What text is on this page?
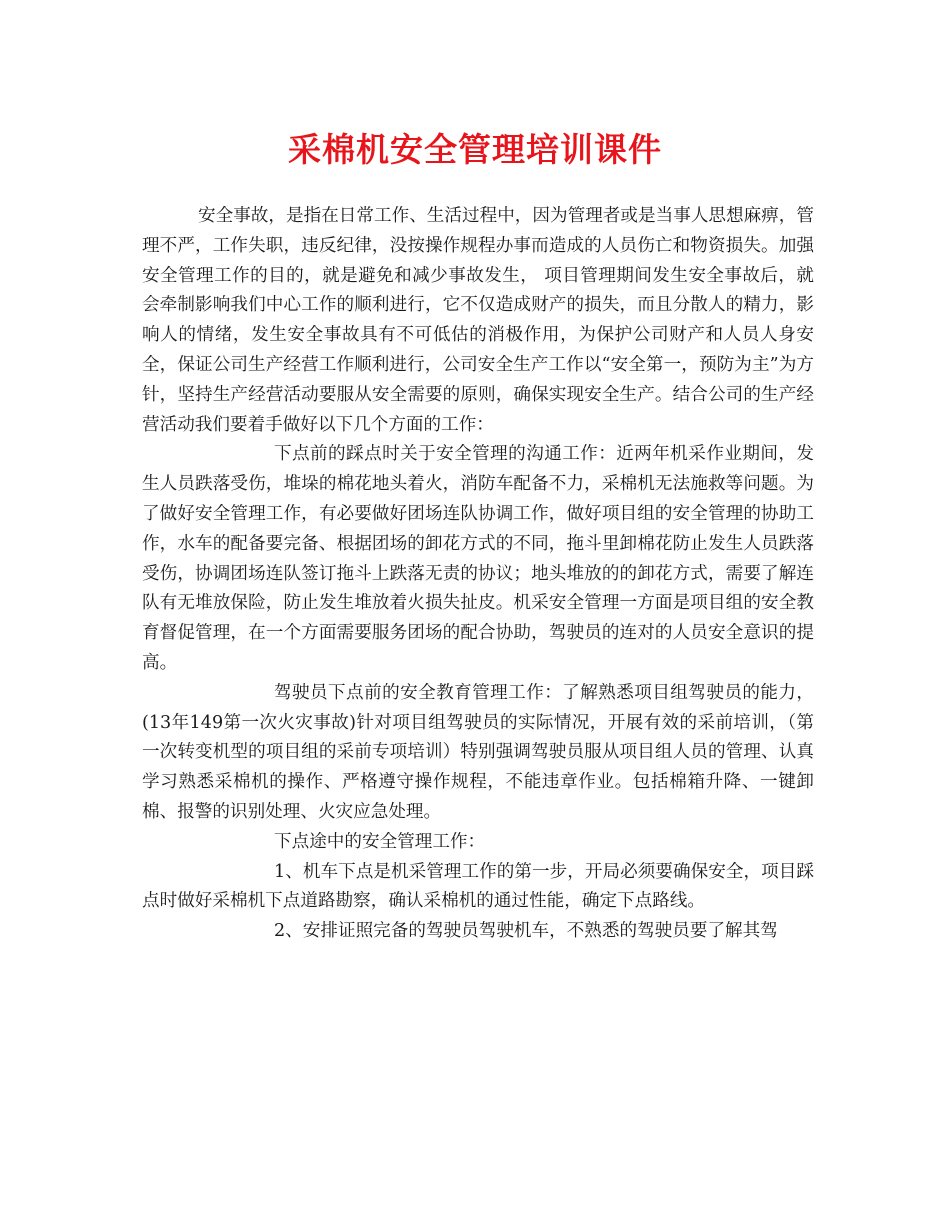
采棉机安全管理培训课件

安全事故，是指在日常工作、生活过程中，因为管理者或是当事人思想麻痹，管理不严，工作失职，违反纪律，没按操作规程办事而造成的人员伤亡和物资损失。加强安全管理工作的目的，就是避免和减少事故发生， 项目管理期间发生安全事故后，就会牵制影响我们中心工作的顺利进行，它不仅造成财产的损失，而且分散人的精力，影响人的情绪，发生安全事故具有不可低估的消极作用，为保护公司财产和人员人身安全，保证公司生产经营工作顺利进行，公司安全生产工作以“安全第一，预防为主”为方针，坚持生产经营活动要服从安全需要的原则，确保实现安全生产。结合公司的生产经营活动我们要着手做好以下几个方面的工作：

下点前的踩点时关于安全管理的沟通工作：近两年机采作业期间，发生人员跌落受伤，堆垛的棉花地头着火，消防车配备不力，采棉机无法施救等问题。为了做好安全管理工作，有必要做好团场连队协调工作，做好项目组的安全管理的协助工作，水车的配备要完备、根据团场的卸花方式的不同，拖斗里卸棉花防止发生人员跌落受伤，协调团场连队签订拖斗上跌落无责的协议；地头堆放的的卸花方式，需要了解连队有无堆放保险，防止发生堆放着火损失扯皮。机采安全管理一方面是项目组的安全教育督促管理，在一个方面需要服务团场的配合协助，驾驶员的连对的人员安全意识的提高。

驾驶员下点前的安全教育管理工作：了解熟悉项目组驾驶员的能力，(13年149第一次火灾事故)针对项目组驾驶员的实际情况，开展有效的采前培训，（第一次转变机型的项目组的采前专项培训）特别强调驾驶员服从项目组人员的管理、认真学习熟悉采棉机的操作、严格遵守操作规程，不能违章作业。包括棉箱升降、一键卸棉、报警的识别处理、火灾应急处理。

下点途中的安全管理工作：

1、机车下点是机采管理工作的第一步，开局必须要确保安全，项目踩点时做好采棉机下点道路勘察，确认采棉机的通过性能，确定下点路线。

2、安排证照完备的驾驶员驾驶机车，不熟悉的驾驶员要了解其驾
